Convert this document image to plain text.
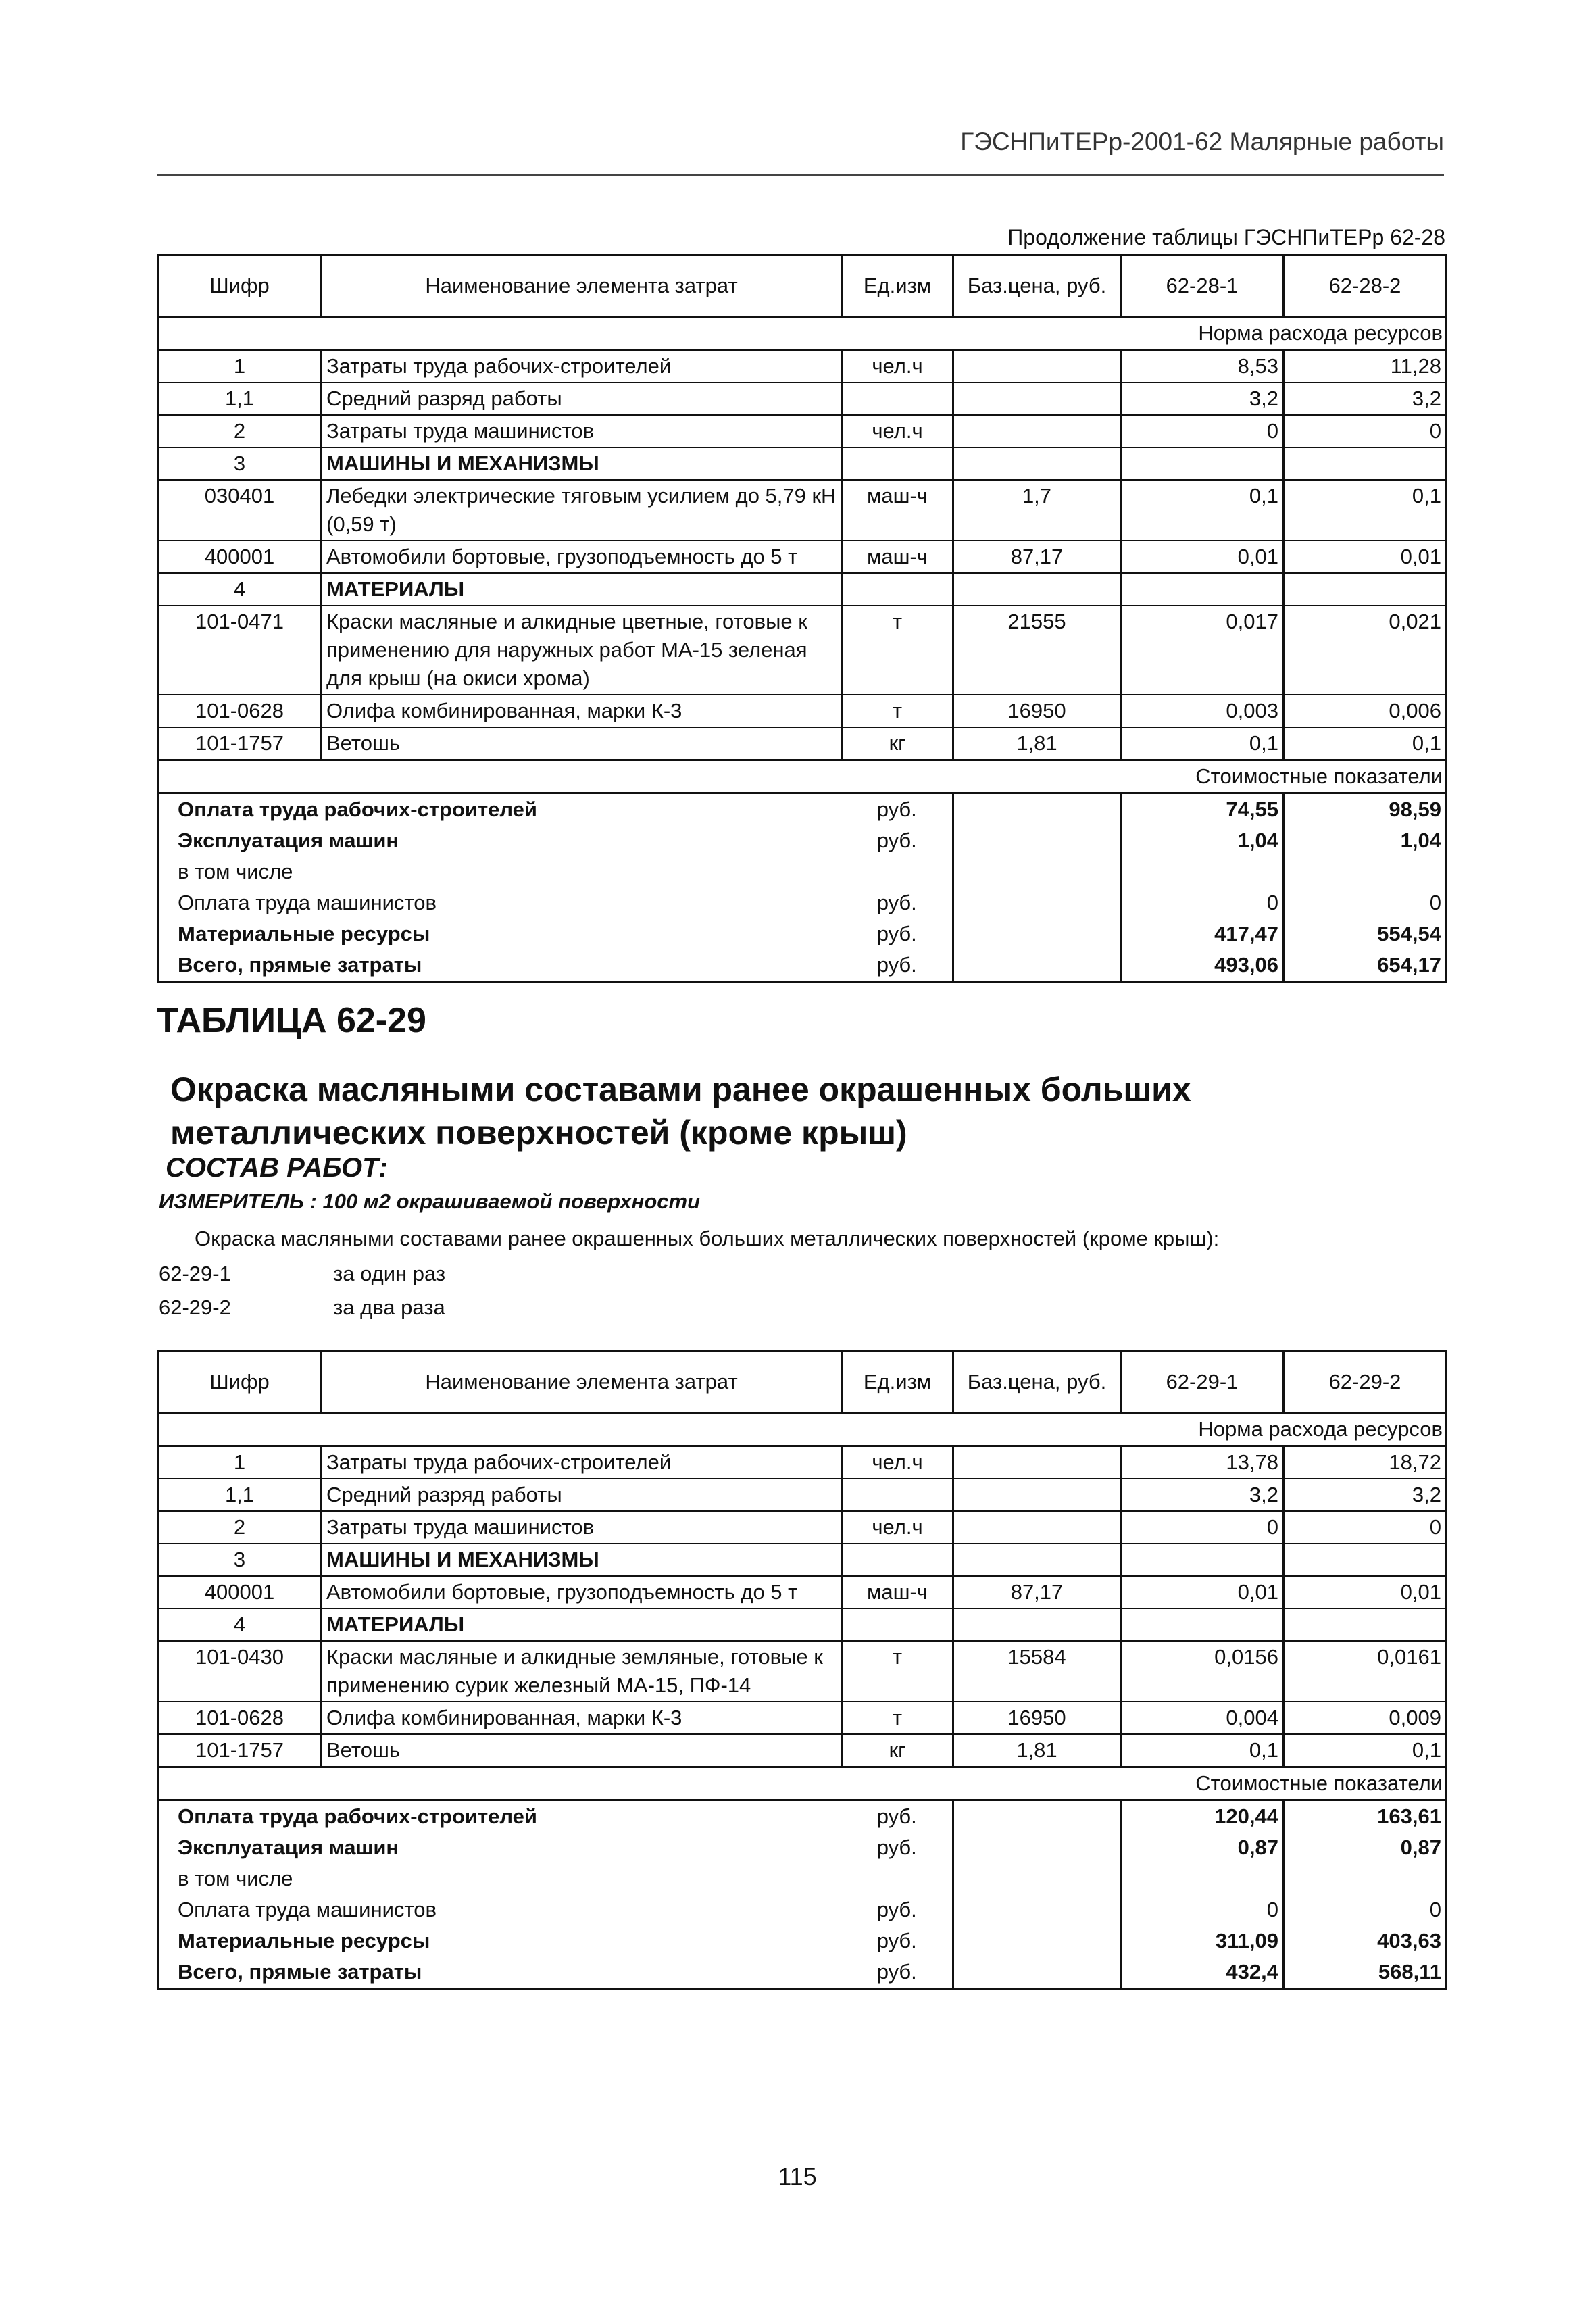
ГЭСНПиТЕРр-2001-62 Малярные работы
Продолжение таблицы ГЭСНПиТЕРр 62-28
Шифр	Наименование элемента затрат	Ед.изм	Баз.цена, руб.	62-28-1	62-28-2
Норма расхода ресурсов					
1	Затраты труда рабочих-строителей	чел.ч		8,53	11,28
1,1	Средний разряд работы			3,2	3,2
2	Затраты труда машинистов	чел.ч		0	0
3	МАШИНЫ И МЕХАНИЗМЫ				
030401	Лебедки электрические тяговым усилием до 5,79 кН (0,59 т)	маш-ч	1,7	0,1	0,1
400001	Автомобили бортовые, грузоподъемность до 5 т	маш-ч	87,17	0,01	0,01
4	МАТЕРИАЛЫ				
101-0471	Краски масляные и алкидные цветные, готовые к применению для наружных работ МА-15 зеленая для крыш (на окиси хрома)	т	21555	0,017	0,021
101-0628	Олифа комбинированная, марки К-3	т	16950	0,003	0,006
101-1757	Ветошь	кг	1,81	0,1	0,1
Стоимостные показатели					
Оплата труда рабочих-строителей		руб.		74,55	98,59
Эксплуатация машин		руб.		1,04	1,04
в том числе					
Оплата труда машинистов		руб.		0	0
Материальные ресурсы		руб.		417,47	554,54
Всего, прямые затраты		руб.		493,06	654,17
ТАБЛИЦА 62-29
Окраска масляными составами ранее окрашенных больших металлических поверхностей (кроме крыш)
СОСТАВ РАБОТ:
ИЗМЕРИТЕЛЬ : 100 м2 окрашиваемой поверхности
Окраска масляными составами ранее окрашенных больших металлических поверхностей (кроме крыш):
62-29-1	за один раз
62-29-2	за два раза
Шифр	Наименование элемента затрат	Ед.изм	Баз.цена, руб.	62-29-1	62-29-2
Норма расхода ресурсов					
1	Затраты труда рабочих-строителей	чел.ч		13,78	18,72
1,1	Средний разряд работы			3,2	3,2
2	Затраты труда машинистов	чел.ч		0	0
3	МАШИНЫ И МЕХАНИЗМЫ				
400001	Автомобили бортовые, грузоподъемность до 5 т	маш-ч	87,17	0,01	0,01
4	МАТЕРИАЛЫ				
101-0430	Краски масляные и алкидные земляные, готовые к применению сурик железный МА-15, ПФ-14	т	15584	0,0156	0,0161
101-0628	Олифа комбинированная, марки К-3	т	16950	0,004	0,009
101-1757	Ветошь	кг	1,81	0,1	0,1
Стоимостные показатели					
Оплата труда рабочих-строителей		руб.		120,44	163,61
Эксплуатация машин		руб.		0,87	0,87
в том числе					
Оплата труда машинистов		руб.		0	0
Материальные ресурсы		руб.		311,09	403,63
Всего, прямые затраты		руб.		432,4	568,11
115
